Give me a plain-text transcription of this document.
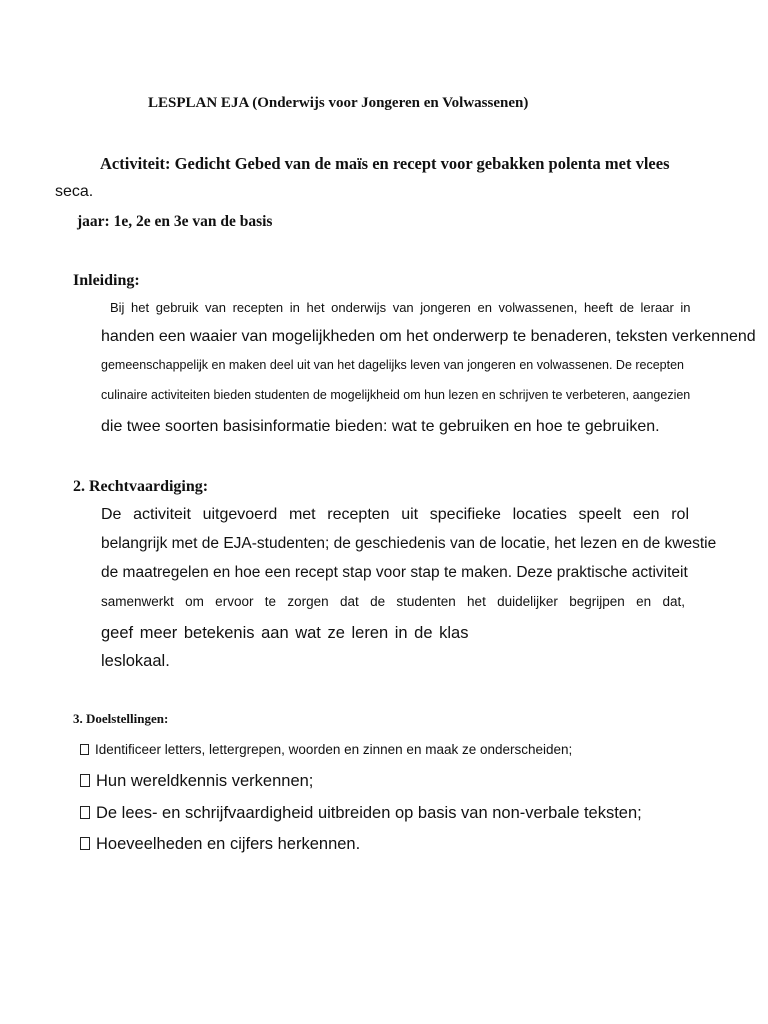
LESPLAN EJA (Onderwijs voor Jongeren en Volwassenen)
Activiteit: Gedicht Gebed van de maïs en recept voor gebakken polenta met vlees
seca.
jaar: 1e, 2e en 3e van de basis
Inleiding:
Bij het gebruik van recepten in het onderwijs van jongeren en volwassenen, heeft de leraar in
handen een waaier van mogelijkheden om het onderwerp te benaderen, teksten verkennend
gemeenschappelijk en maken deel uit van het dagelijks leven van jongeren en volwassenen. De recepten
culinaire activiteiten bieden studenten de mogelijkheid om hun lezen en schrijven te verbeteren, aangezien
die twee soorten basisinformatie bieden: wat te gebruiken en hoe te gebruiken.
2. Rechtvaardiging:
De activiteit uitgevoerd met recepten uit specifieke locaties speelt een rol
belangrijk met de EJA-studenten; de geschiedenis van de locatie, het lezen en de kwestie
de maatregelen en hoe een recept stap voor stap te maken. Deze praktische activiteit
samenwerkt om ervoor te zorgen dat de studenten het duidelijker begrijpen en dat,
geef meer betekenis aan wat ze leren in de klas
leslokaal.
3. Doelstellingen:
Identificeer letters, lettergrepen, woorden en zinnen en maak ze onderscheiden;
Hun wereldkennis verkennen;
De lees- en schrijfvaardigheid uitbreiden op basis van non-verbale teksten;
Hoeveelheden en cijfers herkennen.
